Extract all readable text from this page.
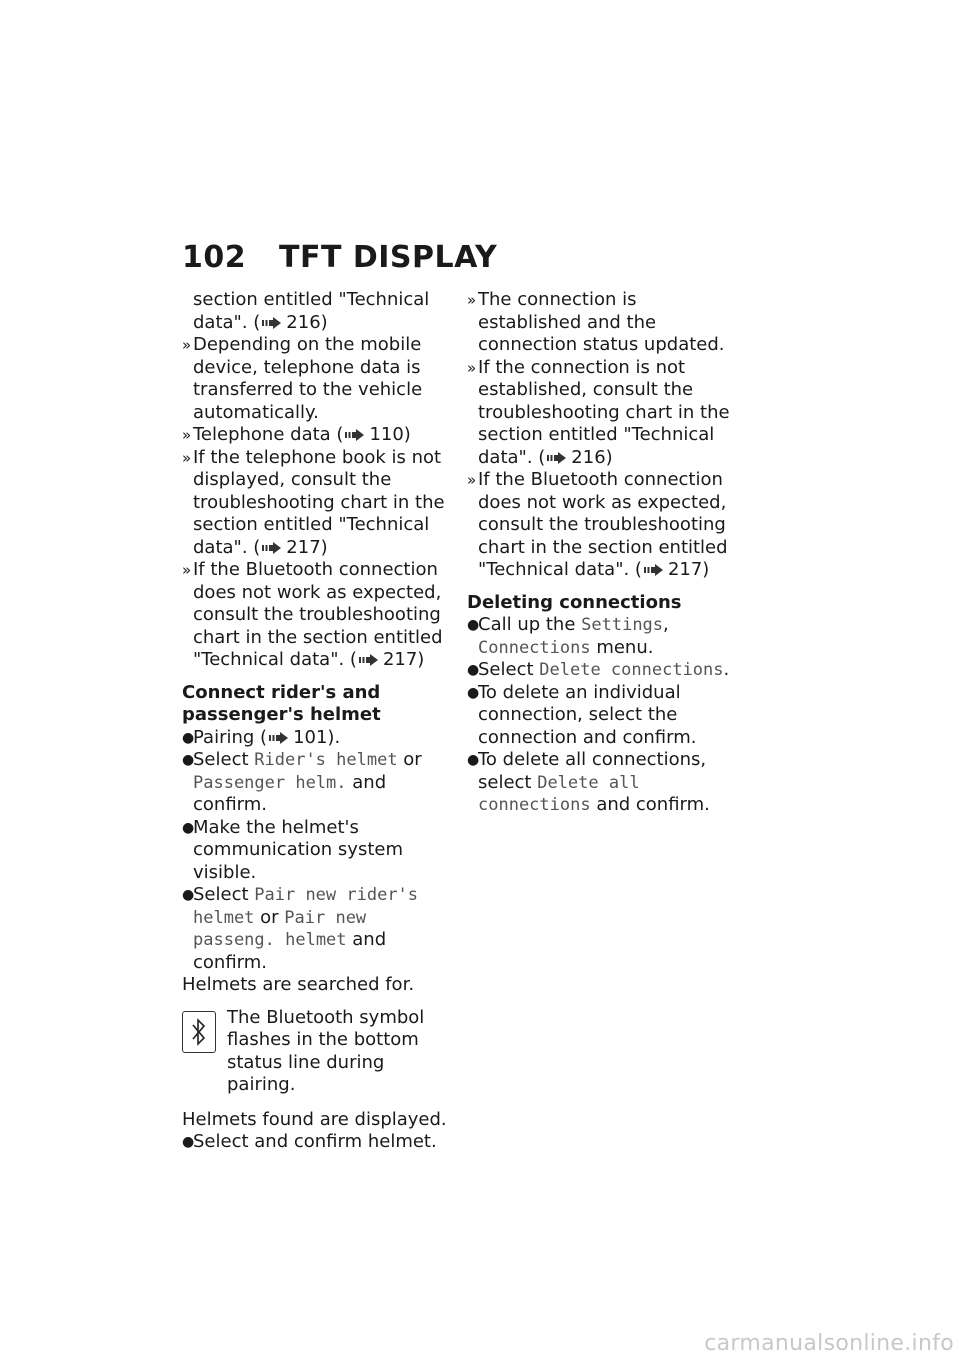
102 TFT DISPLAY
section entitled "Technical data". ( 216)
» Depending on the mobile device, telephone data is transferred to the vehicle automatically.
» Telephone data ( 110)
» If the telephone book is not displayed, consult the troubleshooting chart in the section entitled "Technical data". ( 217)
» If the Bluetooth connection does not work as expected, consult the troubleshooting chart in the section entitled "Technical data". ( 217)
Connect rider's and passenger's helmet
●
Pairing ( 101).
●
Select Rider's helmet or Passenger helm. and confirm.
●
Make the helmet's communication system visible.
●
Select Pair new rider's helmet or Pair new passeng. helmet and confirm.
Helmets are searched for.
The Bluetooth symbol flashes in the bottom status line during pairing.
Helmets found are displayed.
●
Select and confirm helmet.
» The connection is established and the connection status updated.
» If the connection is not established, consult the troubleshooting chart in the section entitled "Technical data". ( 216)
» If the Bluetooth connection does not work as expected, consult the troubleshooting chart in the section entitled "Technical data". ( 217)
Deleting connections
●
Call up the Settings, Connections menu.
●
Select Delete connections.
●
To delete an individual connection, select the connection and confirm.
●
To delete all connections, select Delete all connections and confirm.
carmanualsonline.info
